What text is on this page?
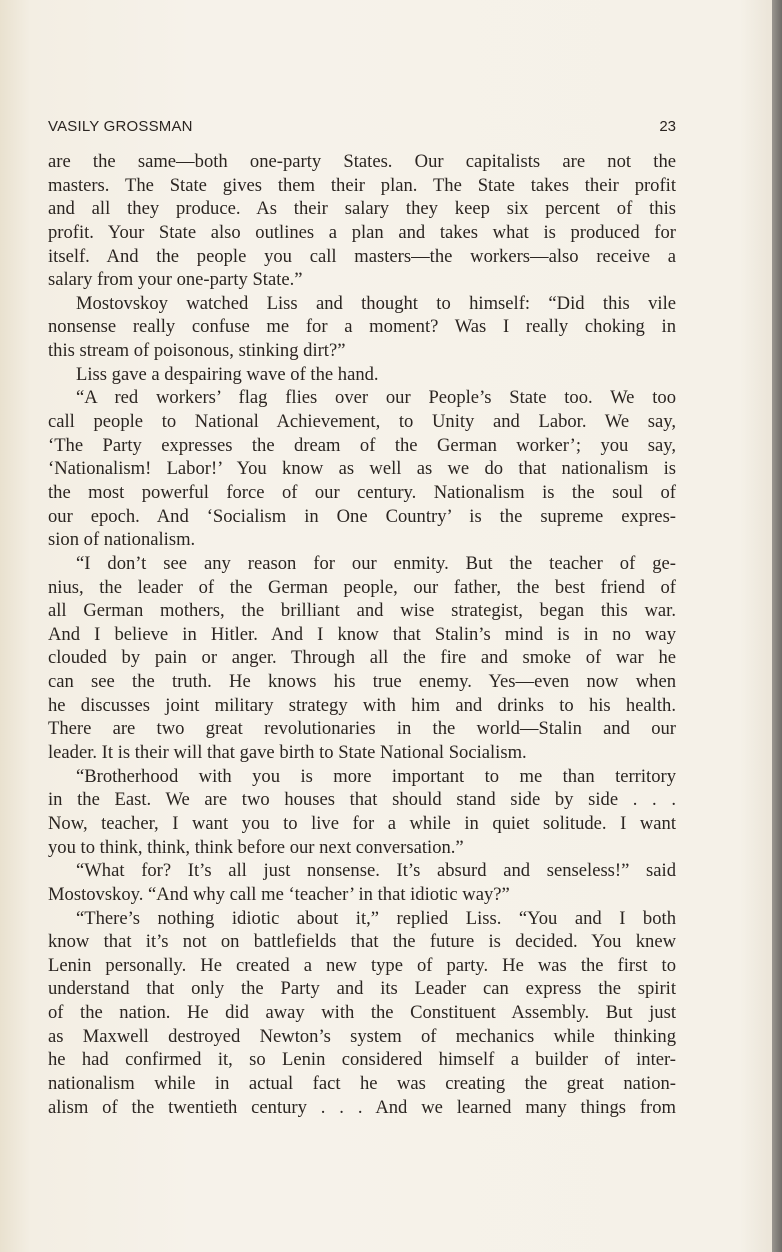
VASILY GROSSMAN	23
are the same—both one-party States. Our capitalists are not the
masters. The State gives them their plan. The State takes their profit
and all they produce. As their salary they keep six percent of this
profit. Your State also outlines a plan and takes what is produced for
itself. And the people you call masters—the workers—also receive a
salary from your one-party State.”
Mostovskoy watched Liss and thought to himself: “Did this vile
nonsense really confuse me for a moment? Was I really choking in
this stream of poisonous, stinking dirt?”
Liss gave a despairing wave of the hand.
“A red workers’ flag flies over our People’s State too. We too
call people to National Achievement, to Unity and Labor. We say,
‘The Party expresses the dream of the German worker’; you say,
‘Nationalism! Labor!’ You know as well as we do that nationalism is
the most powerful force of our century. Nationalism is the soul of
our epoch. And ‘Socialism in One Country’ is the supreme expres-
sion of nationalism.
“I don’t see any reason for our enmity. But the teacher of ge-
nius, the leader of the German people, our father, the best friend of
all German mothers, the brilliant and wise strategist, began this war.
And I believe in Hitler. And I know that Stalin’s mind is in no way
clouded by pain or anger. Through all the fire and smoke of war he
can see the truth. He knows his true enemy. Yes—even now when
he discusses joint military strategy with him and drinks to his health.
There are two great revolutionaries in the world—Stalin and our
leader. It is their will that gave birth to State National Socialism.
“Brotherhood with you is more important to me than territory
in the East. We are two houses that should stand side by side . . .
Now, teacher, I want you to live for a while in quiet solitude. I want
you to think, think, think before our next conversation.”
“What for? It’s all just nonsense. It’s absurd and senseless!” said
Mostovskoy. “And why call me ‘teacher’ in that idiotic way?”
“There’s nothing idiotic about it,” replied Liss. “You and I both
know that it’s not on battlefields that the future is decided. You knew
Lenin personally. He created a new type of party. He was the first to
understand that only the Party and its Leader can express the spirit
of the nation. He did away with the Constituent Assembly. But just
as Maxwell destroyed Newton’s system of mechanics while thinking
he had confirmed it, so Lenin considered himself a builder of inter-
nationalism while in actual fact he was creating the great nation-
alism of the twentieth century . . . And we learned many things from
